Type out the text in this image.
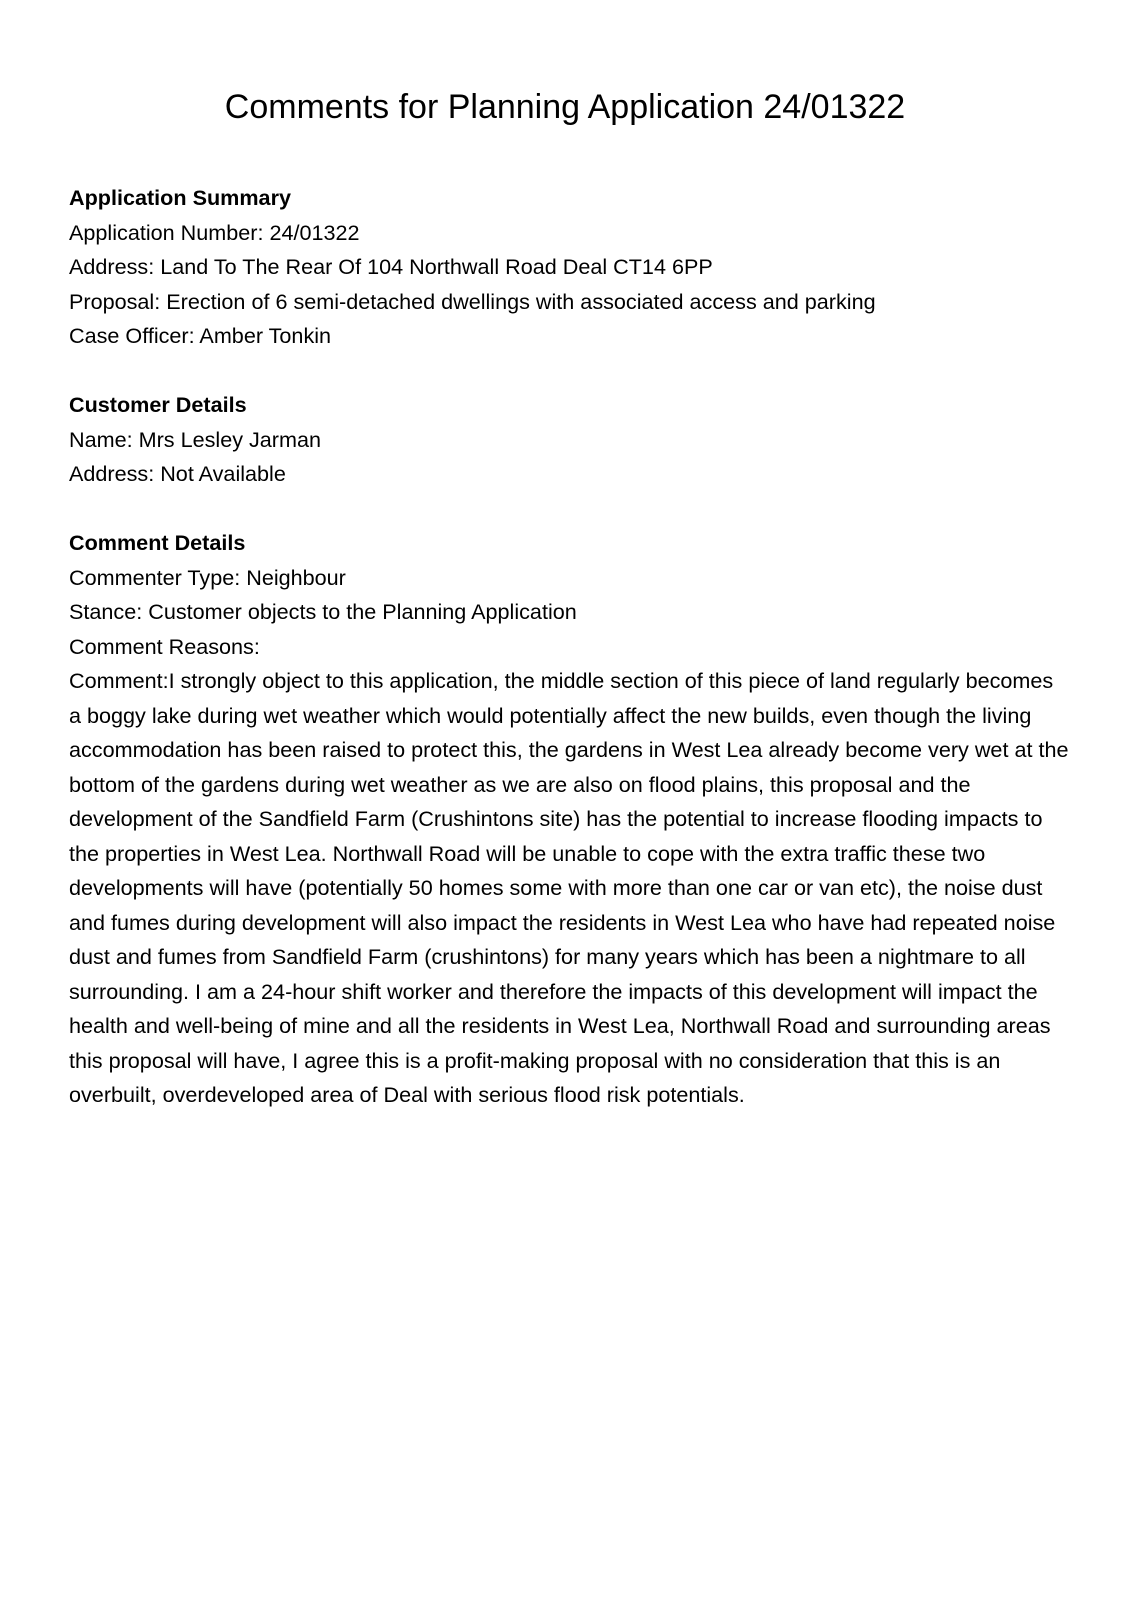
Comments for Planning Application 24/01322
Application Summary
Application Number: 24/01322
Address: Land To The Rear Of 104 Northwall Road Deal CT14 6PP
Proposal: Erection of 6 semi-detached dwellings with associated access and parking
Case Officer: Amber Tonkin
Customer Details
Name: Mrs Lesley Jarman
Address: Not Available
Comment Details
Commenter Type: Neighbour
Stance: Customer objects to the Planning Application
Comment Reasons:
Comment:I strongly object to this application, the middle section of this piece of land regularly becomes a boggy lake during wet weather which would potentially affect the new builds, even though the living accommodation has been raised to protect this, the gardens in West Lea already become very wet at the bottom of the gardens during wet weather as we are also on flood plains, this proposal and the development of the Sandfield Farm (Crushintons site) has the potential to increase flooding impacts to the properties in West Lea. Northwall Road will be unable to cope with the extra traffic these two developments will have (potentially 50 homes some with more than one car or van etc), the noise dust and fumes during development will also impact the residents in West Lea who have had repeated noise dust and fumes from Sandfield Farm (crushintons) for many years which has been a nightmare to all surrounding. I am a 24-hour shift worker and therefore the impacts of this development will impact the health and well-being of mine and all the residents in West Lea, Northwall Road and surrounding areas this proposal will have, I agree this is a profit-making proposal with no consideration that this is an overbuilt, overdeveloped area of Deal with serious flood risk potentials.
